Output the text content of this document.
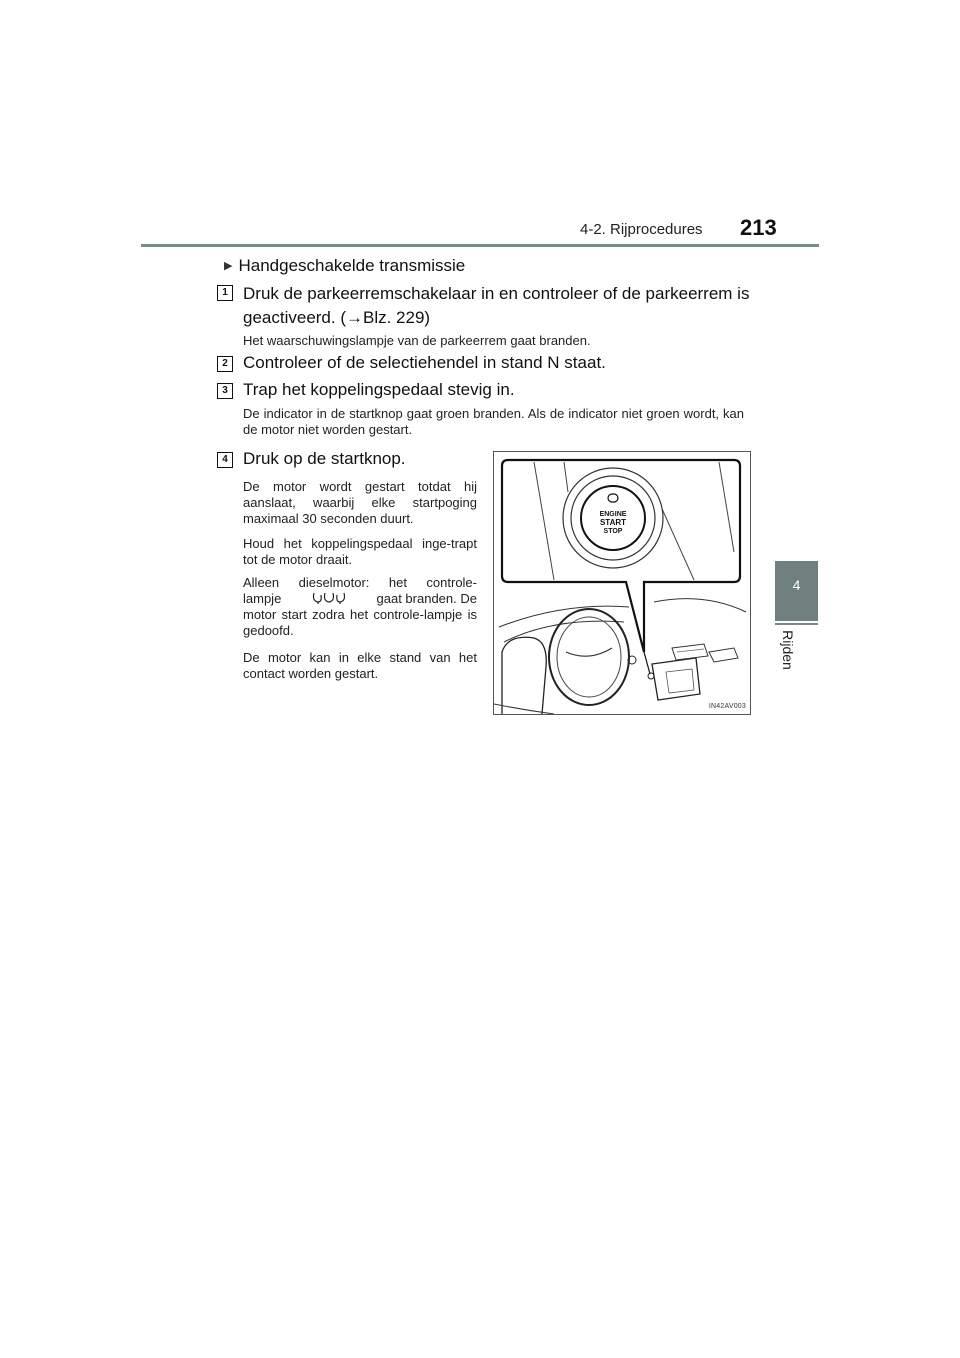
4-2. Rijprocedures 213
4
Rijden
▶ Handgeschakelde transmissie
1 Druk de parkeerremschakelaar in en controleer of de parkeerrem is
geactiveerd. (→Blz. 229)
Het waarschuwingslampje van de parkeerrem gaat branden.
2 Controleer of de selectiehendel in stand N staat.
3 Trap het koppelingspedaal stevig in.
De indicator in de startknop gaat groen branden. Als de indicator niet groen wordt, kan de motor niet worden gestart.
4 Druk op de startknop.
De motor wordt gestart totdat hij aanslaat, waarbij elke startpoging maximaal 30 seconden duurt.
Houd het koppelingspedaal inge-trapt tot de motor draait.
Alleen dieselmotor: het controle-
lampje	gaat branden. De
motor start zodra het controle-lampje is gedoofd.
De motor kan in elke stand van het contact worden gestart.
ENGINE
START
STOP
IN42AV003
